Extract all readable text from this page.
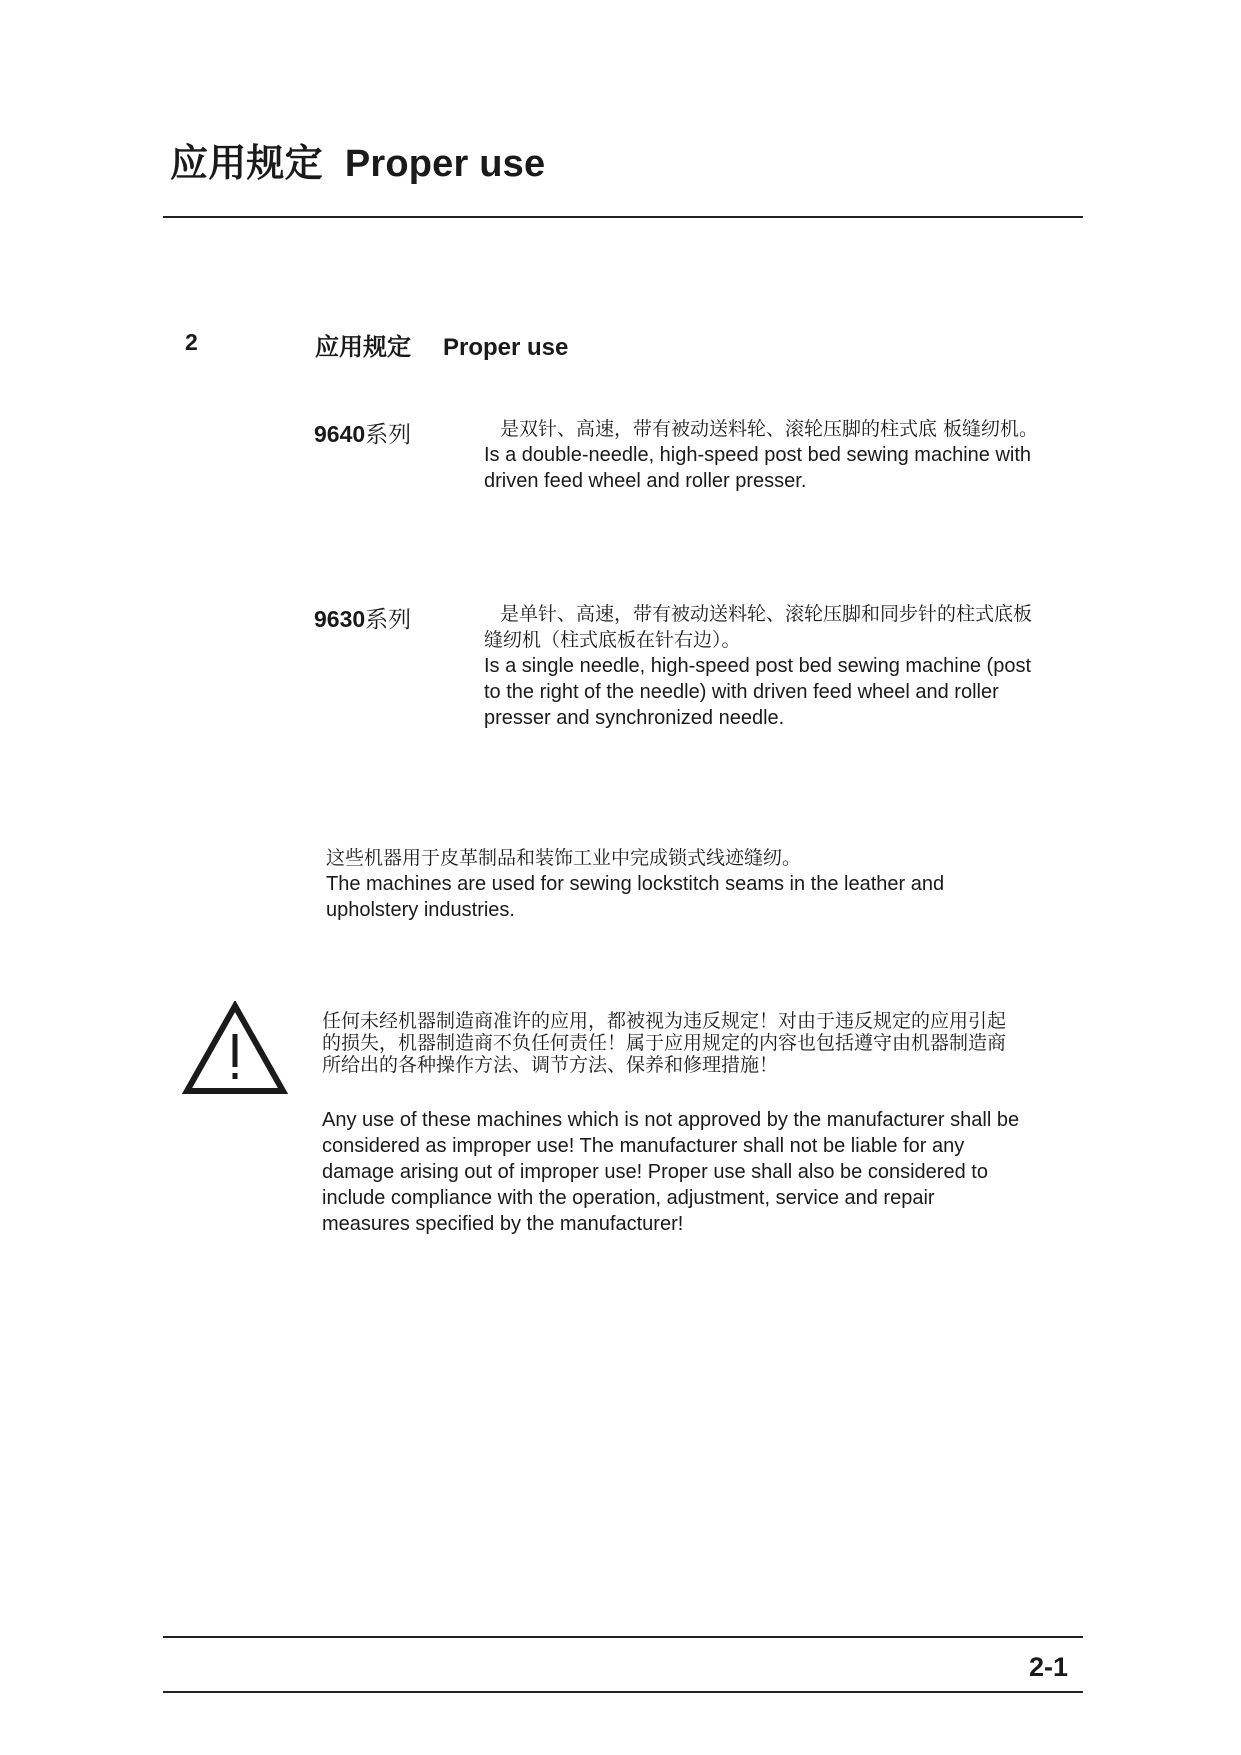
应用规定 Proper use
2	应用规定 Proper use
9640系列	是双针、高速，带有被动送料轮、滚轮压脚的柱式底 板缝纫机。
Is a double-needle, high-speed post bed sewing machine with driven feed wheel and roller presser.
9630系列	是单针、高速，带有被动送料轮、滚轮压脚和同步针的柱式底板缝纫机（柱式底板在针右边）。
Is a single needle, high-speed post bed sewing machine (post to the right of the needle) with driven feed wheel and roller presser and synchronized needle.
这些机器用于皮革制品和装饰工业中完成锁式线迹缝纫。
The machines are used for sewing lockstitch seams in the leather and upholstery industries.
任何未经机器制造商准许的应用，都被视为违反规定！对由于违反规定的应用引起的损失，机器制造商不负任何责任！属于应用规定的内容也包括遵守由机器制造商所给出的各种操作方法、调节方法、保养和修理措施！
Any use of these machines which is not approved by the manufacturer shall be considered as improper use! The manufacturer shall not be liable for any damage arising out of improper use! Proper use shall also be considered to include compliance with the operation, adjustment, service and repair measures specified by the manufacturer!
2-1
